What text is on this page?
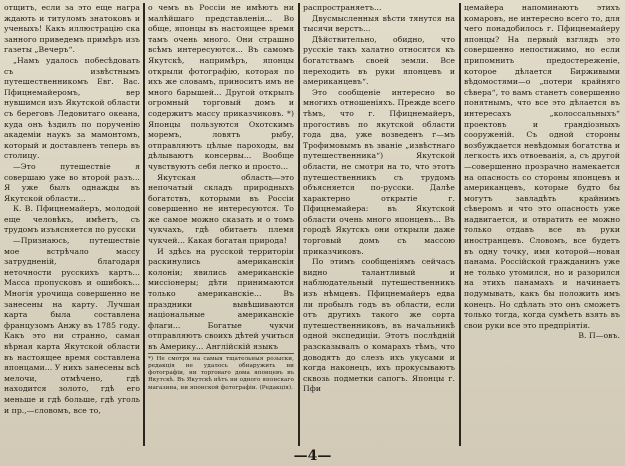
отщитъ, если за это еще награ ждають и титуломъ знатоковъ и ученыхъ! Какъ иллюстрацію ска занного приведемъ примѣръ изъ газеты „Вечеръ“.

„Намъ удалось побесѣдовать съ извѣстнымъ путешественникомъ Евг. Вас. Пфицнемайеромъ, вер нувшимся изъ Якутской области съ береговъ Ледовитаго океана, куда онъ ѣздилъ по порученію академіи наукъ за мамонтомъ, который и доставленъ теперь въ столицу.

—Это путешествіе я совершаю уже во второй разъ... Я уже былъ однажды въ Якутской области...

К. В. Пфицнемайеръ, молодой еще человѣкъ, имѣетъ, съ трудомъ изъясняется по русски

—Признаюсь, путешествіе мое встрѣчало массу затрудненій, благодаря неточности русскихъ картъ... Масса пропусковъ и ошибокъ... Многія урочища совершенно не занесены на карту. Лучшая карта была составлена французомъ Анжу въ 1785 году. Какъ это ни странно, самая вѣрная карта Якутской области въ настоящее время составлена японцами... У нихъ занесены всѣ мелочи, отмѣчено, гдѣ находится золото, гдѣ его меньше и гдѣ больше, гдѣ уголь и пр.,—словомъ, все то,

о чемъ въ Россіи не имѣютъ ни малѣйшаго представленія... Во обще, японцы въ настоящее время тамъ очень много. Они страшно всѣмъ интересуются... Въ самомъ Якутскѣ, напримѣръ, японцы открыли фотографію, которая по ихъ же словамъ, приноситъ имъ не много барышей... Другой открылъ огромный торговый домъ и содержитъ массу приказчиковъ. *) Японцы пользуются Охотскимъ моремъ, ловятъ рыбу, отправляютъ цѣлые пароходы, вы дѣлываютъ консервы... Вообще чувствуютъ себя легко и просто...

Якутская область—это непочатый складъ природныхъ богатствъ, которыми въ Россіи совершенно не интересуются. То же самое можно сказать и о томъ чукчахъ, гдѣ обитаетъ племя чукчей... Какая богатая природа!

И здѣсь на русской территоріи раскинулись американскія колоніи; явились американскіе миссіонеры; дѣти принимаются только американскіе... Въ праздники вывѣшиваются національные американскіе флаги... Богатые чукчи отправляютъ своихъ дѣтей учиться въ Америку... Англійскій языкъ

*) Не смотря на самыя тщательныя розыски, редакція не удалось обнаружить ни фотографіи, ни торговаго дома японцевъ въ Якутскѣ. Въ Якутскѣ нѣтъ ни одного японскаго магазина, ни японской фотографіи. (Редакція).

распространяетъ...

Двусмысленныя вѣсти тянутся на тысячи верстъ...

Дѣйствительно, обидно, что русскіе такъ халатно относятся къ богатствамъ своей земли. Все переходить въ руки японцевъ и американцевъ“.

Это сообщеніе интересно во многихъ отношеніяхъ. Прежде всего тѣмъ, что г. Пфицнемайеръ, прогостивъ по якутской области года два, уже возведенъ г—мъ Трофимовымъ въ званіе „извѣстнаго путешественника“) Якутской области, не смотря на то, что этотъ путешественникъ съ трудомъ объясняется по-русски. Далѣе характерно открытіе г. Пфицнемайера: въ Якутской области очень много японцевъ... Въ городѣ Якутскъ они открыли даже торговый домъ съ массою приказчиковъ.

По этимъ сообщеніямъ сейчасъ видно талантливый и наблюдательный путешественникъ изъ нѣмцевъ. Пфицнемайеръ едва ли пробылъ годъ въ области, если отъ другихъ такого же сорта путешественниковъ, въ начальникѣ одной экспедиціи. Этотъ послѣдній разсказывалъ о комарахъ тѣмъ, что доводятъ до слезъ ихъ укусами и когда наконецъ, ихъ прокусываютъ сквозь подметки сапогъ. Японцы г. Пфи

цемайера напоминаютъ этихъ комаровъ, не интересно всего то, для чего понадобилось г. Пфицнемайеру японцы? На первый взглядъ это совершенно непостижимо, но если припомнить предостереженіе, которое дѣлается Бирживыми вѣдомостями—о „потери крайняго сѣвера“, то вамъ станетъ совершенно понятнымъ, что все это дѣлается въ интересахъ „колоссальныхъ“ проектовъ и грандіозныхъ сооруженій. Съ одной стороны возбуждается невѣдомыя богатства и легкость ихъ отвоеванія, а, съ другой—совершенно прозрачно намекается на опасность со стороны японцевъ и американцевъ, которые будто бы могутъ завладѣть крайнимъ сѣверомъ и что это опасность уже надвигается, и отвратить ее можно только отдавъ все въ руки иностранцевъ. Словомъ, все будетъ въ одну точку, имя которой—новая панама. Россійской гражданинъ уже не только утомился, но и разорился на этихъ панамахъ и начинаетъ подумывать, какъ бы положить имъ конецъ. Но сдѣлать это онъ сможетъ только тогда, когда сумѣетъ взять въ свои руки все это предпріятія.

В. П—овъ.

—4—
